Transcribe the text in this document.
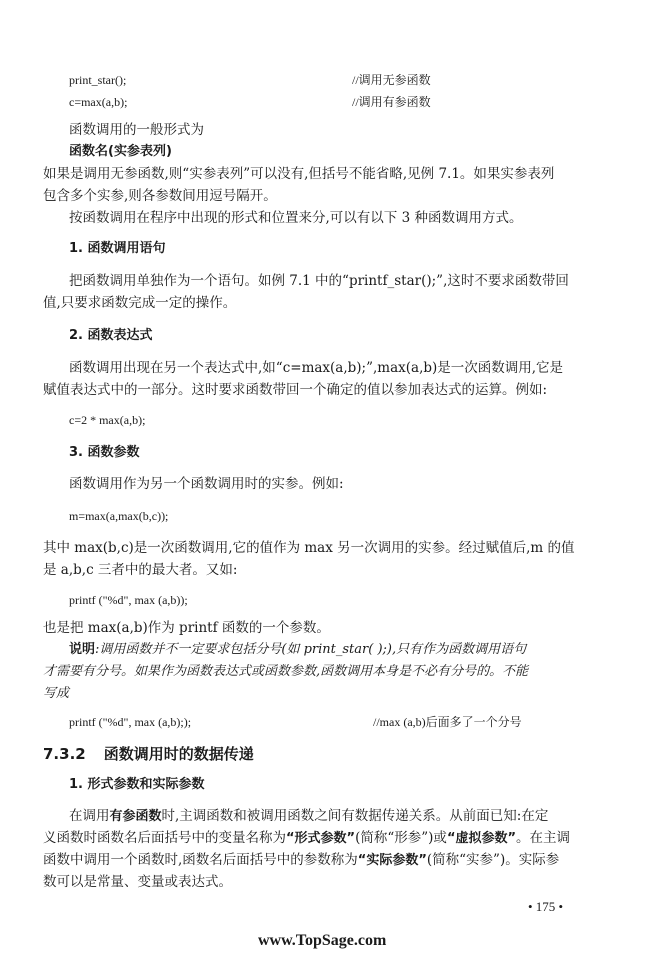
print_star();	//调用无参函数
c=max(a,b);	//调用有参函数
函数调用的一般形式为
函数名(实参表列)
如果是调用无参函数,则“实参表列”可以没有,但括号不能省略,见例 7.1。如果实参表列
包含多个实参,则各参数间用逗号隔开。
按函数调用在程序中出现的形式和位置来分,可以有以下 3 种函数调用方式。
1. 函数调用语句
把函数调用单独作为一个语句。如例 7.1 中的“printf_star();”,这时不要求函数带回
值,只要求函数完成一定的操作。
2. 函数表达式
函数调用出现在另一个表达式中,如“c=max(a,b);”,max(a,b)是一次函数调用,它是
赋值表达式中的一部分。这时要求函数带回一个确定的值以参加表达式的运算。例如:
c=2 * max(a,b);
3. 函数参数
函数调用作为另一个函数调用时的实参。例如:
m=max(a,max(b,c));
其中 max(b,c)是一次函数调用,它的值作为 max 另一次调用的实参。经过赋值后,m 的值
是 a,b,c 三者中的最大者。又如:
printf ("%d", max (a,b));
也是把 max(a,b)作为 printf 函数的一个参数。
说明:调用函数并不一定要求包括分号(如 print_star( );),只有作为函数调用语句
才需要有分号。如果作为函数表达式或函数参数,函数调用本身是不必有分号的。不能
写成
printf ("%d", max (a,b););	//max (a,b)后面多了一个分号
7.3.2 函数调用时的数据传递
1. 形式参数和实际参数
在调用有参函数时,主调函数和被调用函数之间有数据传递关系。从前面已知:在定
义函数时函数名后面括号中的变量名称为“形式参数”(简称“形参”)或“虚拟参数”。在主调
函数中调用一个函数时,函数名后面括号中的参数称为“实际参数”(简称“实参”)。实际参
数可以是常量、变量或表达式。
• 175 •
www.TopSage.com
